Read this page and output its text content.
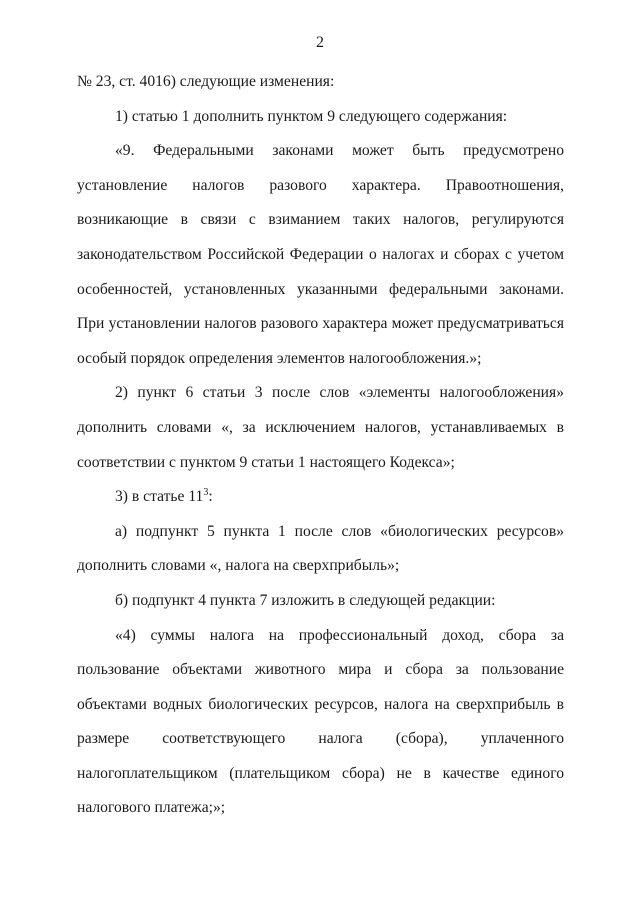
2

№ 23, ст. 4016) следующие изменения:

1) статью 1 дополнить пунктом 9 следующего содержания:

«9. Федеральными законами может быть предусмотрено установление налогов разового характера. Правоотношения, возникающие в связи с взиманием таких налогов, регулируются законодательством Российской Федерации о налогах и сборах с учетом особенностей, установленных указанными федеральными законами. При установлении налогов разового характера может предусматриваться особый порядок определения элементов налогообложения.»;

2) пункт 6 статьи 3 после слов «элементы налогообложения» дополнить словами «, за исключением налогов, устанавливаемых в соответствии с пунктом 9 статьи 1 настоящего Кодекса»;

3) в статье $11^3$:

а) подпункт 5 пункта 1 после слов «биологических ресурсов» дополнить словами «, налога на сверхприбыль»;

б) подпункт 4 пункта 7 изложить в следующей редакции:

«4) суммы налога на профессиональный доход, сбора за пользование объектами животного мира и сбора за пользование объектами водных биологических ресурсов, налога на сверхприбыль в размере соответствующего налога (сбора), уплаченного налогоплательщиком (плательщиком сбора) не в качестве единого налогового платежа;»;
